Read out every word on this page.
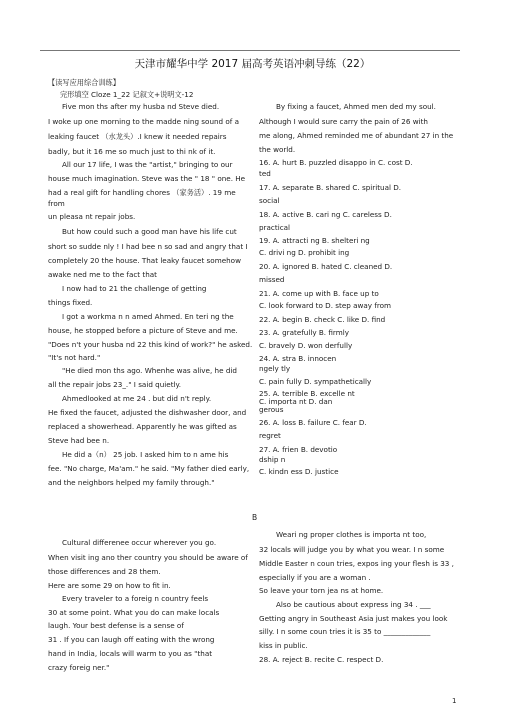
天津市耀华中学 2017 届高考英语冲刺导练（22）
【读写应用综合训练】
完形填空 Cloze 1_22 记叙文+说明文-12
Five mon ths after my husba nd Steve died.
I woke up one morning to the madde ning sound of a
leaking faucet （水龙头）.I knew it needed repairs
badly, but it 16 me so much just to thi nk of it.
All our 17 life, I was the "artist," bringing to our
house much imagination. Steve was the " 18 " one. He
had a real gift for handling chores （家务活）. 19 me
from
un pleasa nt repair jobs.
But how could such a good man have his life cut
short so sudde nly ! I had bee n so sad and angry that I
completely 20 the house. That leaky faucet somehow
awake ned me to the fact that
I now had to 21 the challenge of getting
things fixed.
I got a workma n n amed Ahmed. En teri ng the
house, he stopped before a picture of Steve and me.
"Does n't your husba nd 22 this kind of work?" he asked.
"It's not hard."
"He died mon ths ago. Whenhe was alive, he did
all the repair jobs 23_." I said quietly.
Ahmedlooked at me 24 . but did n't reply.
He fixed the faucet, adjusted the dishwasher door, and
replaced a showerhead. Apparently he was gifted as
Steve had bee n.
He did a（n） 25 job. I asked him to n ame his
fee. "No charge, Ma'am." he said. "My father died early,
and the neighbors helped my family through."
By fixing a faucet, Ahmed men ded my soul.
Although I would sure carry the pain of 26 with
me along, Ahmed reminded me of abundant 27 in the
the world.
16. A. hurt B. puzzled disappo in C. cost D.
ted
17. A. separate B. shared C. spiritual D.
social
18. A. active B. cari ng C. careless D.
practical
19. A. attracti ng B. shelteri ng
C. drivi ng D. prohibit ing
20. A. ignored B. hated C. cleaned D.
missed
21. A. come up with B. face up to
C. look forward to D. step away from
22. A. begin B. check C. like D. find
23. A. gratefully B. firmly
C. bravely D. won derfully
24. A. stra B. innocen
ngely tly
C. pain fully D. sympathetically
25. A. terrible B. excelle nt
C. importa nt D. dan
gerous
26. A. loss B. failure C. fear D.
regret
27. A. frien B. devotio
dship n
C. kindn ess D. justice
B
Cultural differenee occur wherever you go.
When visit ing ano ther country you should be aware of
those differences and 28 them.
Here are some 29 on how to fit in.
Every traveler to a foreig n country feels
30 at some point. What you do can make locals
laugh. Your best defense is a sense of
31 . If you can laugh off eating with the wrong
hand in India, locals will warm to you as "that
crazy foreig ner."
Weari ng proper clothes is importa nt too,
32 locals will judge you by what you wear. I n some
Middle Easter n coun tries, expos ing your flesh is 33 ,
especially if you are a woman .
So leave your torn jea ns at home.
Also be cautious about express ing 34 . ___
Getting angry in Southeast Asia just makes you look
silly. I n some coun tries it is 35 to _____________
kiss in public.
28. A. reject B. recite C. respect D.
1
